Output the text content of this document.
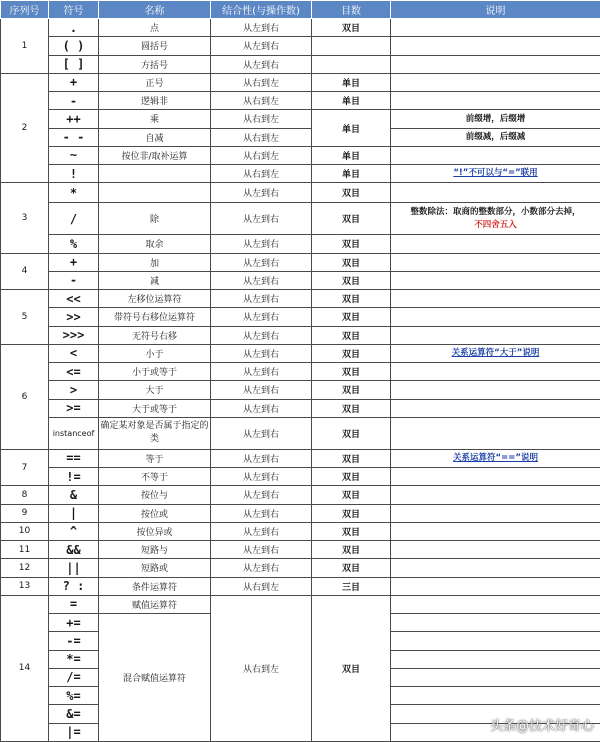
序列号	符号	名称	结合性(与操作数)	目数	说明
1	.	点	从左到右	双目	
	( )	圆括号	从左到右		
	[ ]	方括号	从左到右		
2	+	正号	从右到左	单目	
	-	逻辑非	从右到左	单目	
	++	乘	从右到左	单目	前缀增，后缀增
	- -	自减	从右到左		前缀减，后缀减
	~	按位非/取补运算	从右到左	单目	
	!		从右到左	单目	“!”不可以与“=”联用
3	*		从左到右	双目	
	/	除	从左到右	双目	整数除法：取商的整数部分，小数部分去掉，
不四舍五入

	%	取余	从左到右	双目	
4	+	加	从左到右	双目	
	-	减	从左到右	双目	
5	<<	左移位运算符	从左到右	双目	
	>>	带符号右移位运算符	从左到右	双目	
	>>>	无符号右移	从左到右	双目	
6	<	小于	从左到右	双目	关系运算符“大于”说明
	<=	小于或等于	从左到右	双目	
	>	大于	从左到右	双目	
	>=	大于或等于	从左到右	双目	
	instanceof	确定某对象是否属于指定的类	从左到右	双目	
7	==	等于	从左到右	双目	关系运算符“==”说明
	!=	不等于	从左到右	双目	
8	&	按位与	从左到右	双目	
9	|	按位或	从左到右	双目	
10	^	按位异或	从左到右	双目	
11	&&	短路与	从左到右	双目	
12	||	短路或	从左到右	双目	
13	? :	条件运算符	从右到左	三目	
14	=	赋值运算符	从右到左	双目	
	+=	混合赋值运算符			
	-=				
	*=				
	/=				
	%=				
	&=				
	|=					头条@技术好奇心
